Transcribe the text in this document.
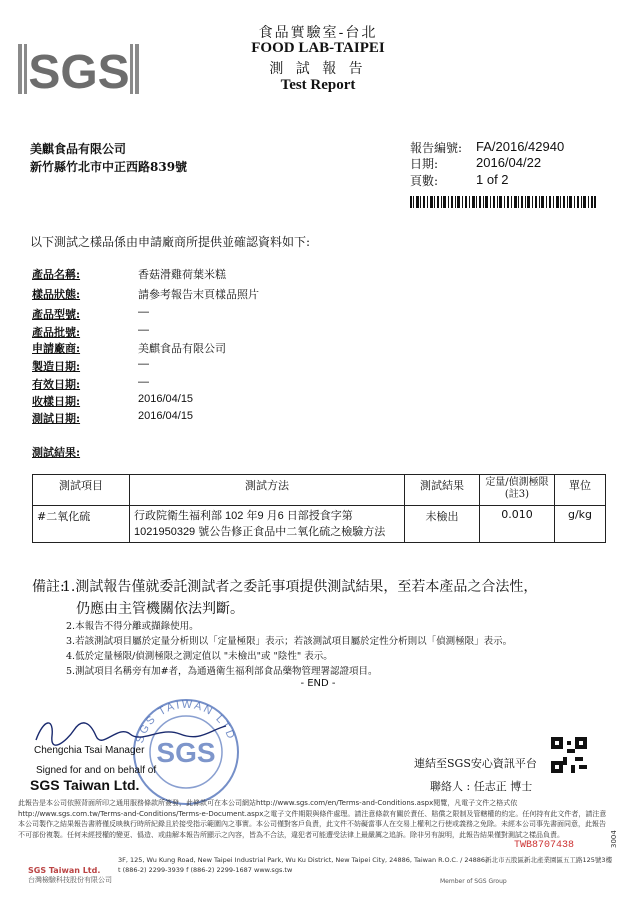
SGS
食品實驗室-台北
FOOD LAB-TAIPEI
測 試 報 告
Test Report
美麒食品有限公司
新竹縣竹北市中正西路839號
報告編號: FA/2016/42940
日期:	2016/04/22
頁數:	1 of 2
以下測試之樣品係由申請廠商所提供並確認資料如下:
產品名稱:	香菇滑雞荷葉米糕
樣品狀態:	請參考報告末頁樣品照片
產品型號:	—
產品批號:	—
申請廠商:	美麒食品有限公司
製造日期:	—
有效日期:	—
收樣日期:	2016/04/15
測試日期:	2016/04/15
測試結果:
測試項目	測試方法	測試結果	定量/偵測極限(註3)	單位
#二氧化硫	行政院衛生福利部 102 年9 月6 日部授食字第
1021950329 號公告修正食品中二氧化硫之檢驗方法	未檢出	0.010	g/kg
備註:
1.測試報告僅就委託測試者之委託事項提供測試結果，至若本產品之合法性，
仍應由主管機關依法判斷。
2.本報告不得分離或擷錄使用。
3.若該測試項目屬於定量分析則以「定量極限」表示；若該測試項目屬於定性分析則以「偵測極限」表示。
4.低於定量極限/偵測極限之測定值以 "未檢出"或 "陰性" 表示。
5.測試項目名稱旁有加#者，為通過衛生福利部食品藥物管理署認證項目。
- END -
SGS
SGS TAIWAN LTD
Chengchia Tsai Manager
Signed for and on behalf of
SGS Taiwan Ltd.
連結至SGS安心資訊平台
聯絡人 : 任志正 博士
此報告是本公司依照背面所印之通用服務條款所簽發，此條款可在本公司網站http://www.sgs.com/en/Terms-and-Conditions.aspx閱覽，凡電子文件之格式依http://www.sgs.com.tw/Terms-and-Conditions/Terms-e-Document.aspx之電子文件期限與條件處理。請注意條款有關於責任、賠償之限制及管轄權的約定。任何持有此文件者，請注意本公司製作之結果報告書將僅反映執行時所紀錄且於接受指示範圍內之事實。本公司僅對客戶負責，此文件不妨礙當事人在交易上權利之行使或義務之免除。未經本公司事先書面同意，此報告不可部份複製。任何未經授權的變更、僞造、或曲解本報告所顯示之內容，皆為不合法，違犯者可能遭受法律上最嚴厲之追訴。除非另有說明，此報告結果僅對測試之樣品負責。
TWB8707438
SGS Taiwan Ltd.
台灣檢驗科技股份有限公司
3F, 125, Wu Kung Road, New Taipei Industrial Park, Wu Ku District, New Taipei City, 24886, Taiwan R.O.C. / 24886新北市五股區新北產業園區五工路125號3樓
t (886-2) 2299-3939 f (886-2) 2299-1687 www.sgs.tw
Member of SGS Group
3004
